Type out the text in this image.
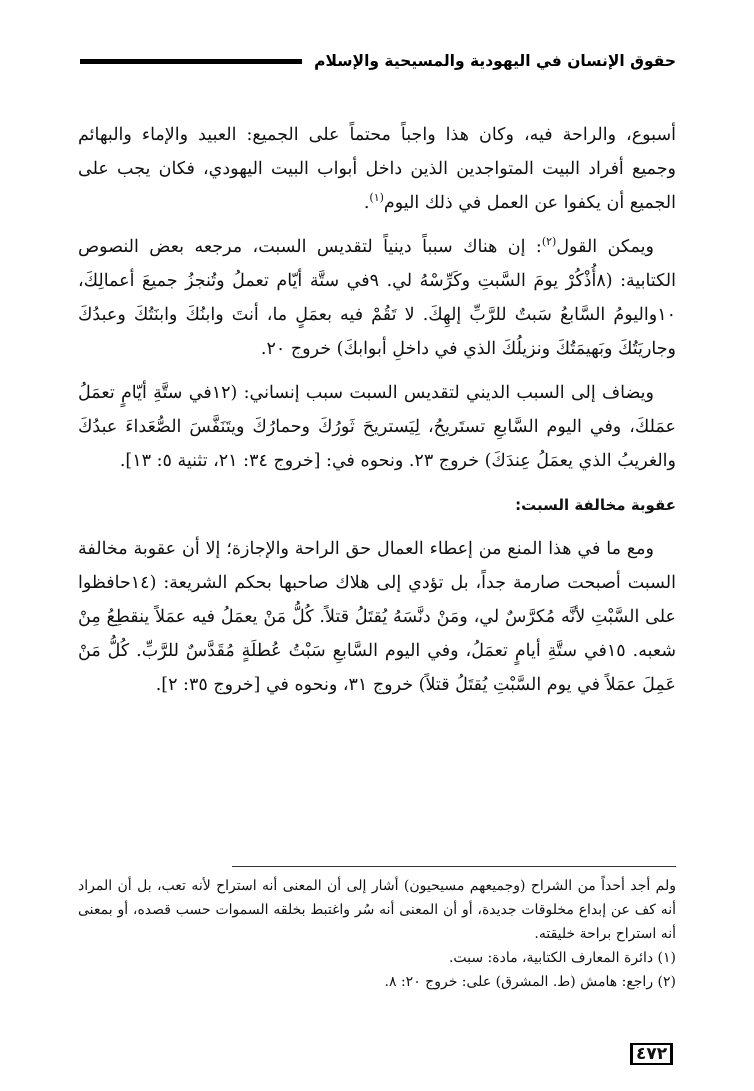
حقوق الإنسان في اليهودية والمسيحية والإسلام

أسبوع، والراحة فيه، وكان هذا واجباً محتماً على الجميع: العبيد والإماء والبهائم وجميع أفراد البيت المتواجدين الذين داخل أبواب البيت اليهودي، فكان يجب على الجميع أن يكفوا عن العمل في ذلك اليوم$^{(١)}$.

ويمكن القول$^{(٢)}$: إن هناك سبباً دينياً لتقديس السبت، مرجعه بعض النصوص الكتابية: (٨أُذْكُرْ يومَ السَّبتِ وكَرِّسْهُ لي. ٩في ستَّة أيّام تعملُ وتُنجزُ جميعَ أعمالِكَ، ١٠واليومُ السَّابعُ سَبتٌ للرَّبِّ إلهِكَ. لا تَقُمْ فيه بعمَلٍ ما، أنتَ وابنُكَ وابنَتُكَ وعبدُكَ وجاريَتُكَ وبَهيمَتُكَ ونزيلُكَ الذي في داخلِ أبوابكَ) خروج ٢٠.

ويضاف إلى السبب الديني لتقديس السبت سبب إنساني: (١٢في ستَّةِ أيّامٍ تعمَلُ عمَلكَ، وفي اليوم السَّابعِ تستَريحُ، لِيَستريحَ ثَورُكَ وحمارُكَ ويتَنَفَّسَ الصُّعَداءَ عبدُكَ والغريبُ الذي يعمَلُ عِندَكَ) خروج ٢٣. ونحوه في: [خروج ٣٤: ٢١، تثنية ٥: ١٣].

عقوبة مخالفة السبت:

ومع ما في هذا المنع من إعطاء العمال حق الراحة والإجازة؛ إلا أن عقوبة مخالفة السبت أصبحت صارمة جداً، بل تؤدي إلى هلاك صاحبها بحكم الشريعة: (١٤حافظوا على السَّبْتِ لأنَّه مُكرَّسٌ لي، ومَنْ دنَّسَهُ يُقتَلُ قتلاً. كُلُّ مَنْ يعمَلُ فيه عمَلاً ينقطِعُ مِنْ شعبه. ١٥في ستَّةِ أيامٍ تعمَلُ، وفي اليوم السَّابعِ سَبْتُ عُطلَةٍ مُقَدَّسٌ للرَّبِّ. كُلُّ مَنْ عَمِلَ عمَلاً في يوم السَّبْتِ يُقتَلُ قتلاً) خروج ٣١، ونحوه في [خروج ٣٥: ٢].

ولم أجد أحداً من الشراح (وجميعهم مسيحيون) أشار إلى أن المعنى أنه استراح لأنه تعب، بل أن المراد أنه كف عن إبداع مخلوقات جديدة، أو أن المعنى أنه سُر واغتبط بخلقه السموات حسب قصده، أو بمعنى أنه استراح براحة خليقته.

(١) دائرة المعارف الكتابية، مادة: سبت.

(٢) راجع: هامش (ط. المشرق) على: خروج ٢٠: ٨.

٤٧٢
